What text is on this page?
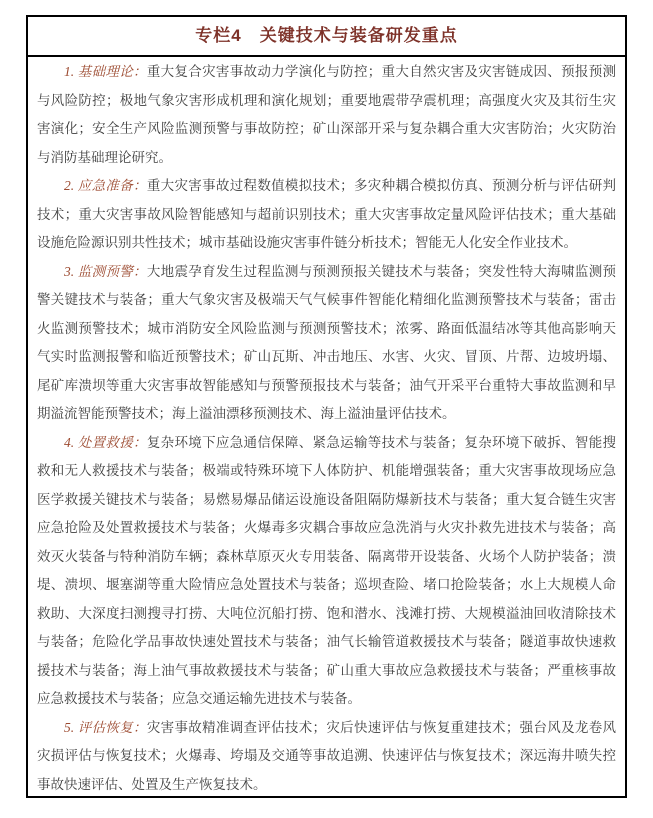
专栏4　关键技术与装备研发重点

1. 基础理论：重大复合灾害事故动力学演化与防控；重大自然灾害及灾害链成因、预报预测与风险防控；极地气象灾害形成机理和演化规划；重要地震带孕震机理；高强度火灾及其衍生灾害演化；安全生产风险监测预警与事故防控；矿山深部开采与复杂耦合重大灾害防治；火灾防治与消防基础理论研究。

2. 应急准备：重大灾害事故过程数值模拟技术；多灾种耦合模拟仿真、预测分析与评估研判技术；重大灾害事故风险智能感知与超前识别技术；重大灾害事故定量风险评估技术；重大基础设施危险源识别共性技术；城市基础设施灾害事件链分析技术；智能无人化安全作业技术。

3. 监测预警：大地震孕育发生过程监测与预测预报关键技术与装备；突发性特大海啸监测预警关键技术与装备；重大气象灾害及极端天气气候事件智能化精细化监测预警技术与装备；雷击火监测预警技术；城市消防安全风险监测与预测预警技术；浓雾、路面低温结冰等其他高影响天气实时监测报警和临近预警技术；矿山瓦斯、冲击地压、水害、火灾、冒顶、片帮、边坡坍塌、尾矿库溃坝等重大灾害事故智能感知与预警预报技术与装备；油气开采平台重特大事故监测和早期溢流智能预警技术；海上溢油漂移预测技术、海上溢油量评估技术。

4. 处置救援：复杂环境下应急通信保障、紧急运输等技术与装备；复杂环境下破拆、智能搜救和无人救援技术与装备；极端或特殊环境下人体防护、机能增强装备；重大灾害事故现场应急医学救援关键技术与装备；易燃易爆品储运设施设备阻隔防爆新技术与装备；重大复合链生灾害应急抢险及处置救援技术与装备；火爆毒多灾耦合事故应急洗消与火灾扑救先进技术与装备；高效灭火装备与特种消防车辆；森林草原灭火专用装备、隔离带开设装备、火场个人防护装备；溃堤、溃坝、堰塞湖等重大险情应急处置技术与装备；巡坝查险、堵口抢险装备；水上大规模人命救助、大深度扫测搜寻打捞、大吨位沉船打捞、饱和潜水、浅滩打捞、大规模溢油回收清除技术与装备；危险化学品事故快速处置技术与装备；油气长输管道救援技术与装备；隧道事故快速救援技术与装备；海上油气事故救援技术与装备；矿山重大事故应急救援技术与装备；严重核事故应急救援技术与装备；应急交通运输先进技术与装备。

5. 评估恢复：灾害事故精准调查评估技术；灾后快速评估与恢复重建技术；强台风及龙卷风灾损评估与恢复技术；火爆毒、垮塌及交通等事故追溯、快速评估与恢复技术；深远海井喷失控事故快速评估、处置及生产恢复技术。
